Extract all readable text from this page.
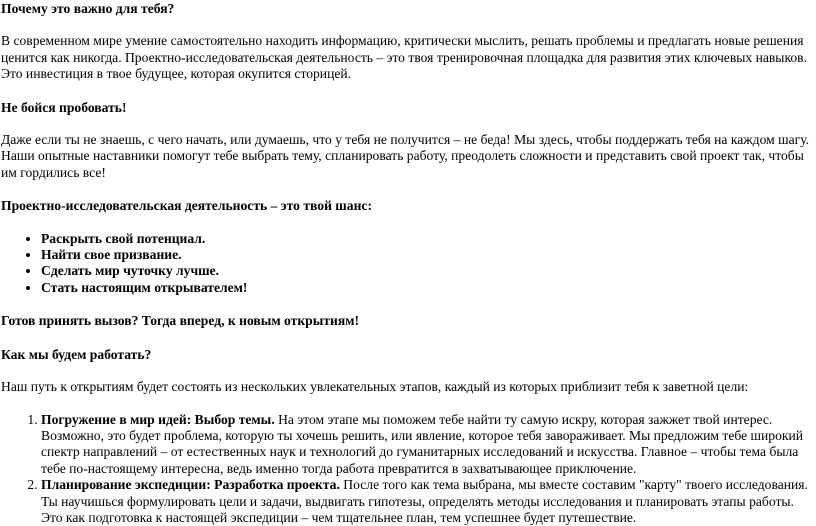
Почему это важно для тебя?

В современном мире умение самостоятельно находить информацию, критически мыслить, решать проблемы и предлагать новые решения ценится как никогда. Проектно-исследовательская деятельность – это твоя тренировочная площадка для развития этих ключевых навыков. Это инвестиция в твое будущее, которая окупится сторицей.

Не бойся пробовать!

Даже если ты не знаешь, с чего начать, или думаешь, что у тебя не получится – не беда! Мы здесь, чтобы поддержать тебя на каждом шагу. Наши опытные наставники помогут тебе выбрать тему, спланировать работу, преодолеть сложности и представить свой проект так, чтобы им гордились все!

Проектно-исследовательская деятельность – это твой шанс:
• Раскрыть свой потенциал.
• Найти свое призвание.
• Сделать мир чуточку лучше.
• Стать настоящим открывателем!
Готов принять вызов? Тогда вперед, к новым открытиям!
Как мы будем работать?

Наш путь к открытиям будет состоять из нескольких увлекательных этапов, каждый из которых приблизит тебя к заветной цели:

1. Погружение в мир идей: Выбор темы. На этом этапе мы поможем тебе найти ту самую искру, которая зажжет твой интерес. Возможно, это будет проблема, которую ты хочешь решить, или явление, которое тебя завораживает. Мы предложим тебе широкий спектр направлений – от естественных наук и технологий до гуманитарных исследований и искусства. Главное – чтобы тема была тебе по-настоящему интересна, ведь именно тогда работа превратится в захватывающее приключение.
2. Планирование экспедиции: Разработка проекта. После того как тема выбрана, мы вместе составим "карту" твоего исследования. Ты научишься формулировать цели и задачи, выдвигать гипотезы, определять методы исследования и планировать этапы работы. Это как подготовка к настоящей экспедиции – чем тщательнее план, тем успешнее будет путешествие.
